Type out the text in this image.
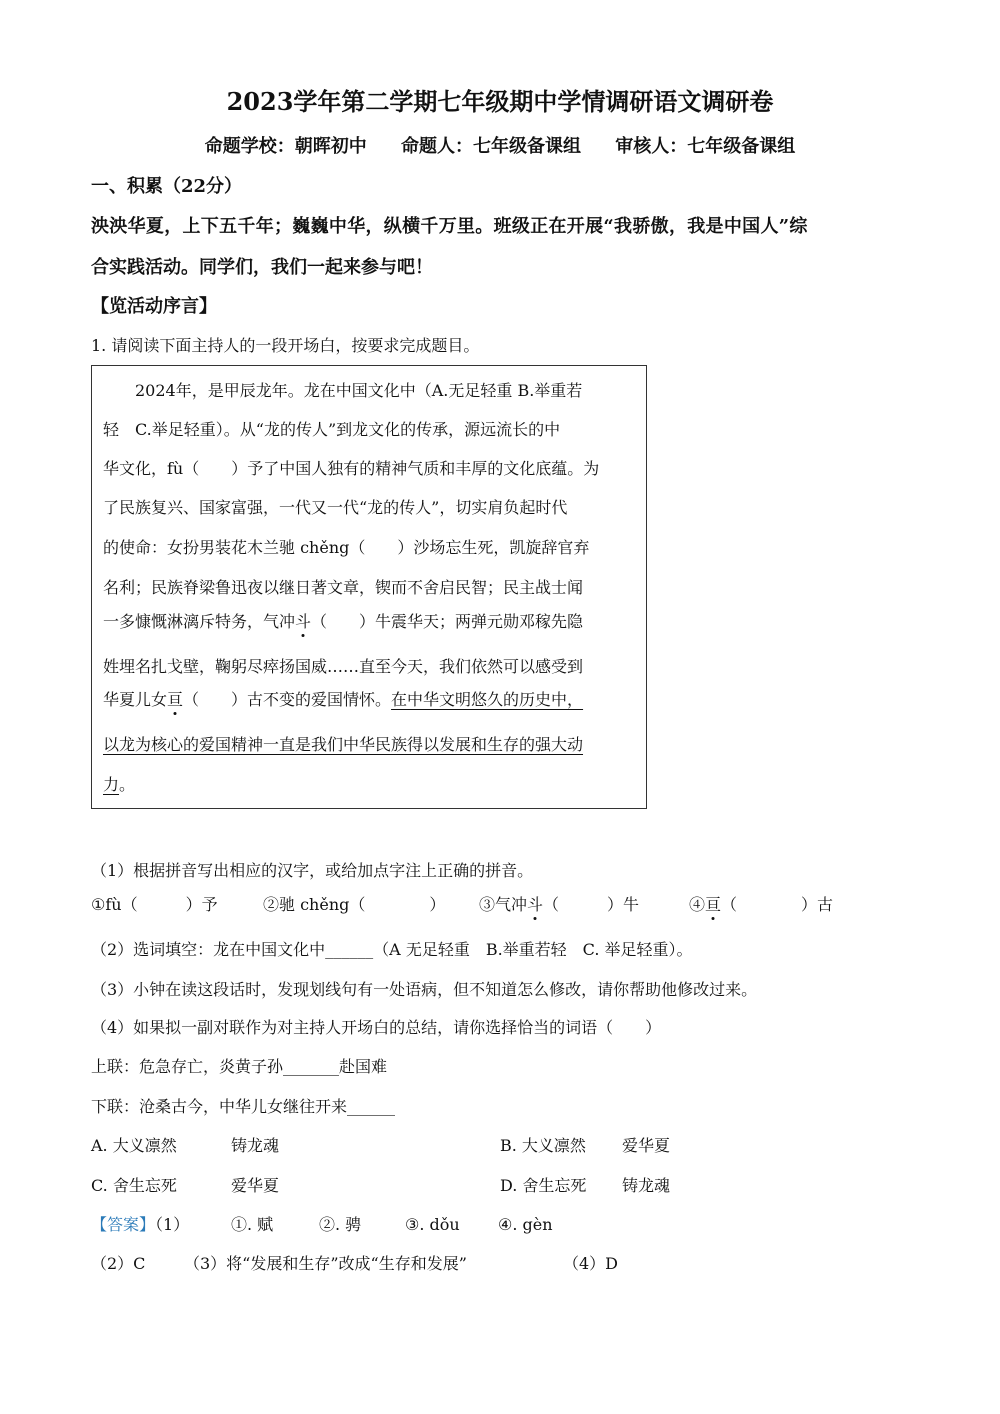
2023学年第二学期七年级期中学情调研语文调研卷
命题学校：朝晖初中 命题人：七年级备课组 审核人：七年级备课组
一、积累（22分）
泱泱华夏，上下五千年；巍巍中华，纵横千万里。班级正在开展“我骄傲，我是中国人”综
合实践活动。同学们，我们一起来参与吧！
【览活动序言】
1. 请阅读下面主持人的一段开场白，按要求完成题目。
　　2024年，是甲辰龙年。龙在中国文化中（A.无足轻重 B.举重若
轻　C.举足轻重）。从“龙的传人”到龙文化的传承，源远流长的中
华文化，fù（　　）予了中国人独有的精神气质和丰厚的文化底蕴。为
了民族复兴、国家富强，一代又一代“龙的传人”，切实肩负起时代
的使命：女扮男装花木兰驰 chěng（　　）沙场忘生死，凯旋辞官弃
名利；民族脊梁鲁迅夜以继日著文章，锲而不舍启民智；民主战士闻
一多慷慨淋漓斥特务，气冲斗（　　）牛震华天；两弹元勋邓稼先隐
姓埋名扎戈壁，鞠躬尽瘁扬国威……直至今天，我们依然可以感受到
华夏儿女亘（　　）古不变的爱国情怀。在中华文明悠久的历史中，
以龙为核心的爱国精神一直是我们中华民族得以发展和生存的强大动
力。
（1）根据拼音写出相应的汉字，或给加点字注上正确的拼音。
①fù（　　　）予	②驰 chěng（　　　　） ③气冲斗（　　　）牛	④亘（　　　　）古
（2）选词填空：龙在中国文化中______（A 无足轻重　B.举重若轻　C. 举足轻重）。
（3）小钟在读这段话时，发现划线句有一处语病，但不知道怎么修改，请你帮助他修改过来。
（4）如果拟一副对联作为对主持人开场白的总结，请你选择恰当的词语（　　）
上联：危急存亡，炎黄子孙_______赴国难
下联：沧桑古今，中华儿女继往开来______
A. 大义凛然	铸龙魂	B. 大义凛然 爱华夏
C. 舍生忘死	爱华夏	D. 舍生忘死 铸龙魂
【答案】（1）	①. 赋	②. 骋	③. dǒu ④. gèn
（2）C （3）将“发展和生存”改成“生存和发展”	（4）D
